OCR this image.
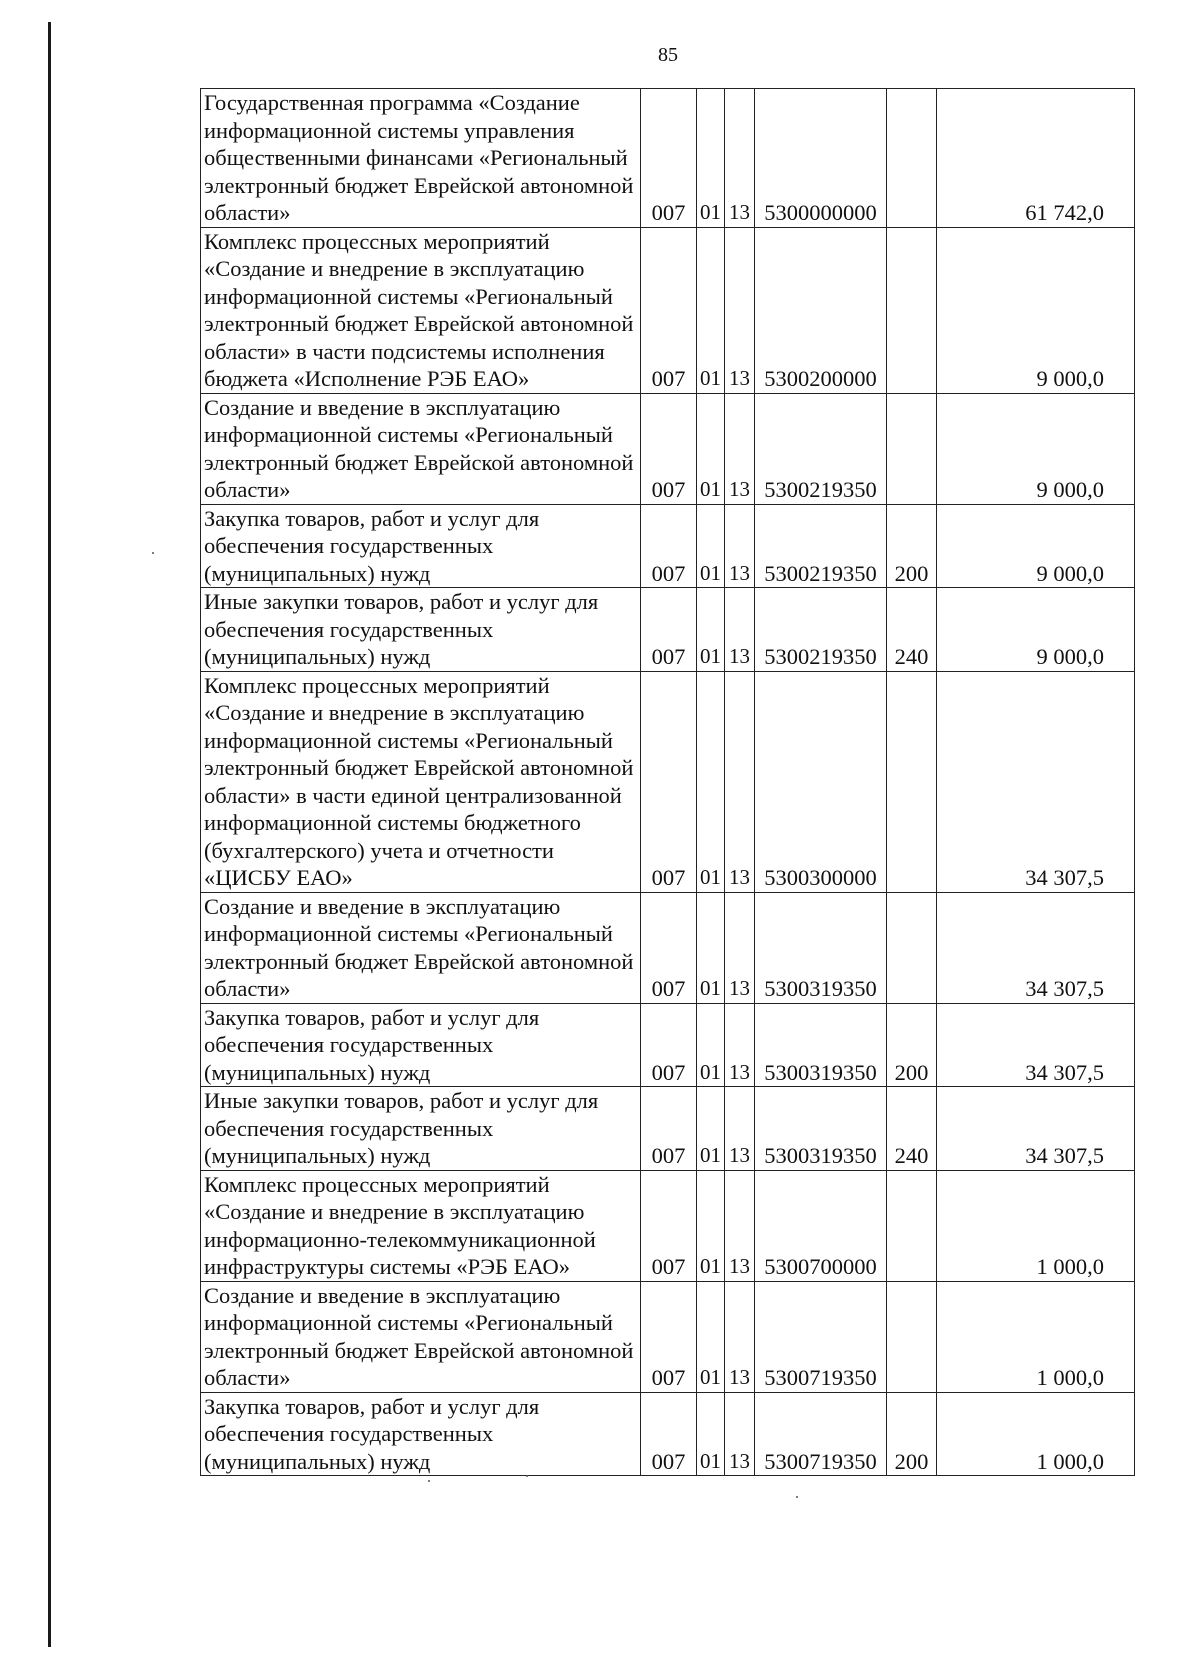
85
Государственная программа «Создание информационной системы управления общественными финансами «Региональный электронный бюджет Еврейской автономной области»	007	01	13	5300000000		61 742,0
Комплекс процессных мероприятий «Создание и внедрение в эксплуатацию информационной системы «Региональный электронный бюджет Еврейской автономной области» в части подсистемы исполнения бюджета «Исполнение РЭБ ЕАО»	007	01	13	5300200000		9 000,0
Создание и введение в эксплуатацию информационной системы «Региональный электронный бюджет Еврейской автономной области»	007	01	13	5300219350		9 000,0
Закупка товаров, работ и услуг для обеспечения государственных (муниципальных) нужд	007	01	13	5300219350	200	9 000,0
Иные закупки товаров, работ и услуг для обеспечения государственных (муниципальных) нужд	007	01	13	5300219350	240	9 000,0
Комплекс процессных мероприятий «Создание и внедрение в эксплуатацию информационной системы «Региональный электронный бюджет Еврейской автономной области» в части единой централизованной информационной системы бюджетного (бухгалтерского) учета и отчетности «ЦИСБУ ЕАО»	007	01	13	5300300000		34 307,5
Создание и введение в эксплуатацию информационной системы «Региональный электронный бюджет Еврейской автономной области»	007	01	13	5300319350		34 307,5
Закупка товаров, работ и услуг для обеспечения государственных (муниципальных) нужд	007	01	13	5300319350	200	34 307,5
Иные закупки товаров, работ и услуг для обеспечения государственных (муниципальных) нужд	007	01	13	5300319350	240	34 307,5
Комплекс процессных мероприятий «Создание и внедрение в эксплуатацию информационно-телекоммуникационной инфраструктуры системы «РЭБ ЕАО»	007	01	13	5300700000		1 000,0
Создание и введение в эксплуатацию информационной системы «Региональный электронный бюджет Еврейской автономной области»	007	01	13	5300719350		1 000,0
Закупка товаров, работ и услуг для обеспечения государственных (муниципальных) нужд	007	01	13	5300719350	200	1 000,0
